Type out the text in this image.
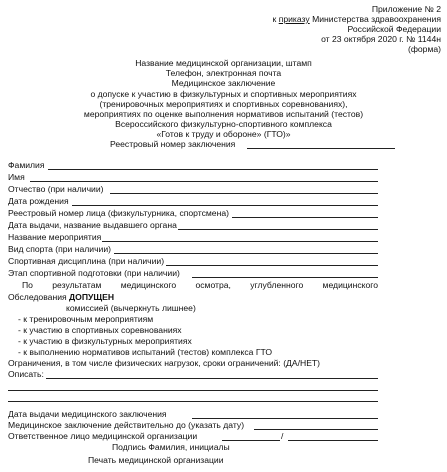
Приложение № 2
к приказу Министерства здравоохранения
Российской Федерации
от 23 октября 2020 г. № 1144н
(форма)
Название медицинской организации, штамп
Телефон, электронная почта
Медицинское заключение
о допуске к участию в физкультурных и спортивных мероприятиях
(тренировочных мероприятиях и спортивных соревнованиях),
мероприятиях по оценке выполнения нормативов испытаний (тестов)
Всероссийского физкультурно-спортивного комплекса
«Готов к труду и обороне» (ГТО)»
Реестровый номер заключения
Фамилия
Имя
Отчество (при наличии)
Дата рождения
Реестровый номер лица (физкультурника, спортсмена)
Дата выдачи, название выдавшего органа
Название мероприятия
Вид спорта (при наличии)
Спортивная дисциплина (при наличии)
Этап спортивной подготовки (при наличии)
По результатам медицинского осмотра, углубленного медицинского
Обследования ДОПУЩЕН
комиссией (вычеркнуть лишнее)
- к тренировочным мероприятиям
- к участию в спортивных соревнованиях
- к участию в физкультурных мероприятиях
- к выполнению нормативов испытаний (тестов) комплекса ГТО
Ограничения, в том числе физических нагрузок, сроки ограничений: (ДА/НЕТ)
Описать:
Дата выдачи медицинского заключения
Медицинское заключение действительно до (указать дату)
Ответственное лицо медицинской организации	/
Подпись Фамилия, инициалы
Печать медицинской организации
